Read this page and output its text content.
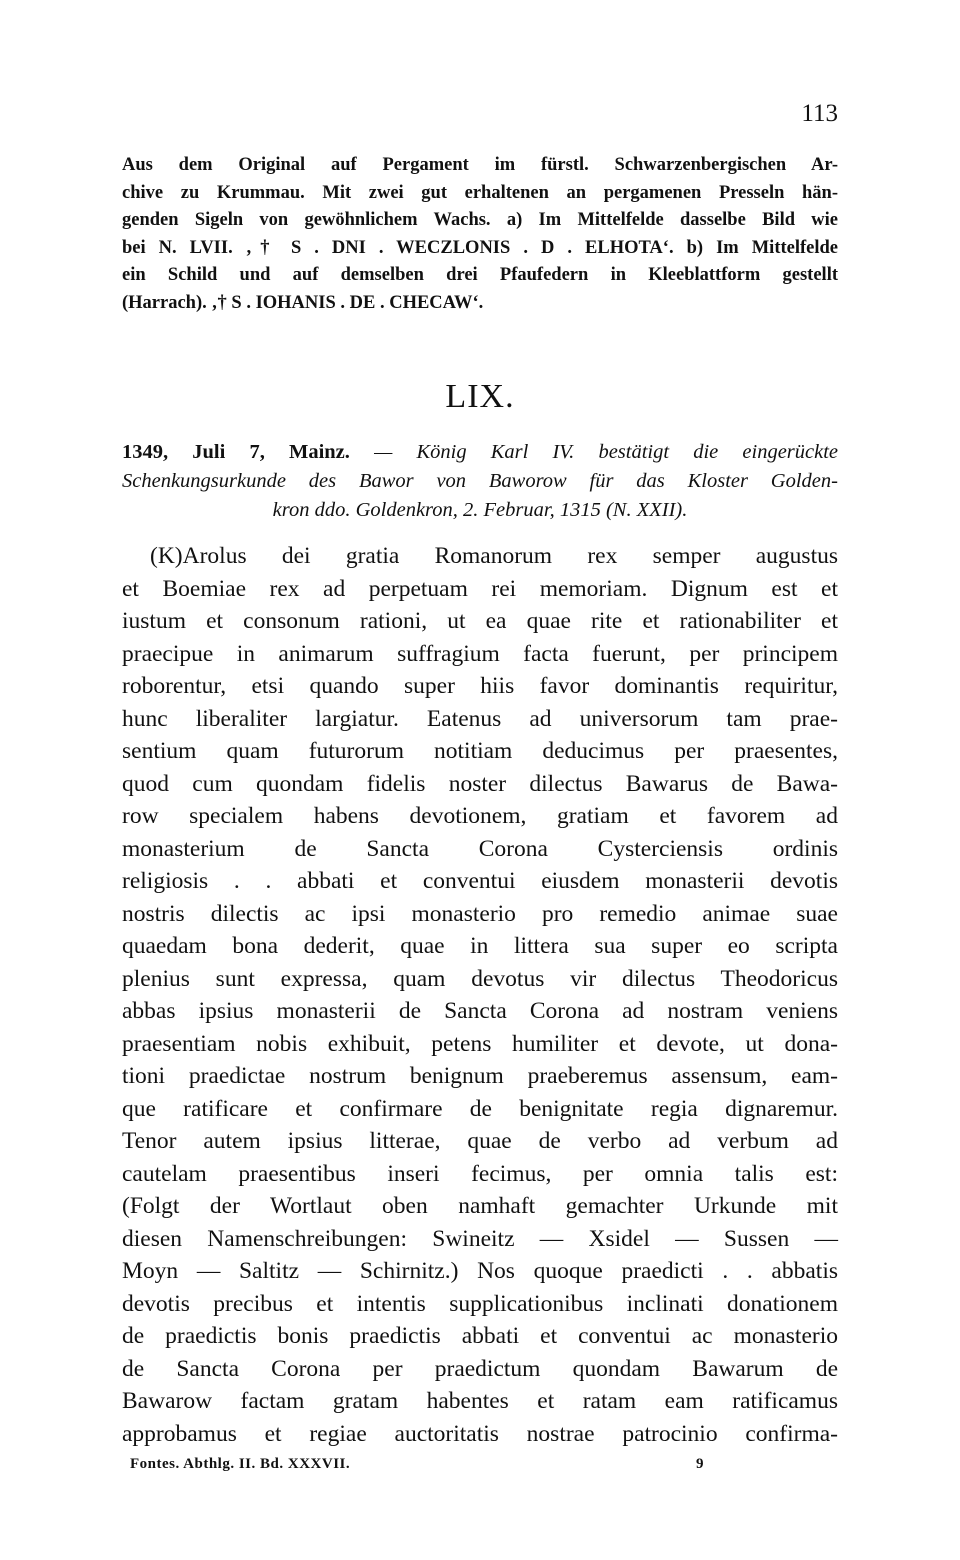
113
Aus dem Original auf Pergament im fürstl. Schwarzenbergischen Ar-
chive zu Krummau. Mit zwei gut erhaltenen an pergamenen Presseln hän-
genden Sigeln von gewöhnlichem Wachs. a) Im Mittelfelde dasselbe Bild wie
bei N. LVII. ‚† S . DNI . WECZLONIS . D . ELHOTA‘. b) Im Mittelfelde
ein Schild und auf demselben drei Pfaufedern in Kleeblattform gestellt
(Harrach). ‚† S . IOHANIS . DE . CHECAW‘.
LIX.
1349, Juli 7, Mainz. — König Karl IV. bestätigt die eingerückte
Schenkungsurkunde des Bawor von Baworow für das Kloster Golden-
kron ddo. Goldenkron, 2. Februar, 1315 (N. XXII).
(K)Arolus dei gratia Romanorum rex semper augustus
et Boemiae rex ad perpetuam rei memoriam. Dignum est et
iustum et consonum rationi, ut ea quae rite et rationabiliter et
praecipue in animarum suffragium facta fuerunt, per principem
roborentur, etsi quando super hiis favor dominantis requiritur,
hunc liberaliter largiatur. Eatenus ad universorum tam prae-
sentium quam futurorum notitiam deducimus per praesentes,
quod cum quondam fidelis noster dilectus Bawarus de Bawa-
row specialem habens devotionem, gratiam et favorem ad
monasterium de Sancta Corona Cysterciensis ordinis
religiosis . . abbati et conventui eiusdem monasterii devotis
nostris dilectis ac ipsi monasterio pro remedio animae suae
quaedam bona dederit, quae in littera sua super eo scripta
plenius sunt expressa, quam devotus vir dilectus Theodoricus
abbas ipsius monasterii de Sancta Corona ad nostram veniens
praesentiam nobis exhibuit, petens humiliter et devote, ut dona-
tioni praedictae nostrum benignum praeberemus assensum, eam-
que ratificare et confirmare de benignitate regia dignaremur.
Tenor autem ipsius litterae, quae de verbo ad verbum ad
cautelam praesentibus inseri fecimus, per omnia talis est:
(Folgt der Wortlaut oben namhaft gemachter Urkunde mit
diesen Namenschreibungen: Swineitz — Xsidel — Sussen —
Moyn — Saltitz — Schirnitz.) Nos quoque praedicti . . abbatis
devotis precibus et intentis supplicationibus inclinati donationem
de praedictis bonis praedictis abbati et conventui ac monasterio
de Sancta Corona per praedictum quondam Bawarum de
Bawarow factam gratam habentes et ratam eam ratificamus
approbamus et regiae auctoritatis nostrae patrocinio confirma-
Fontes. Abthlg. II. Bd. XXXVII.	9
